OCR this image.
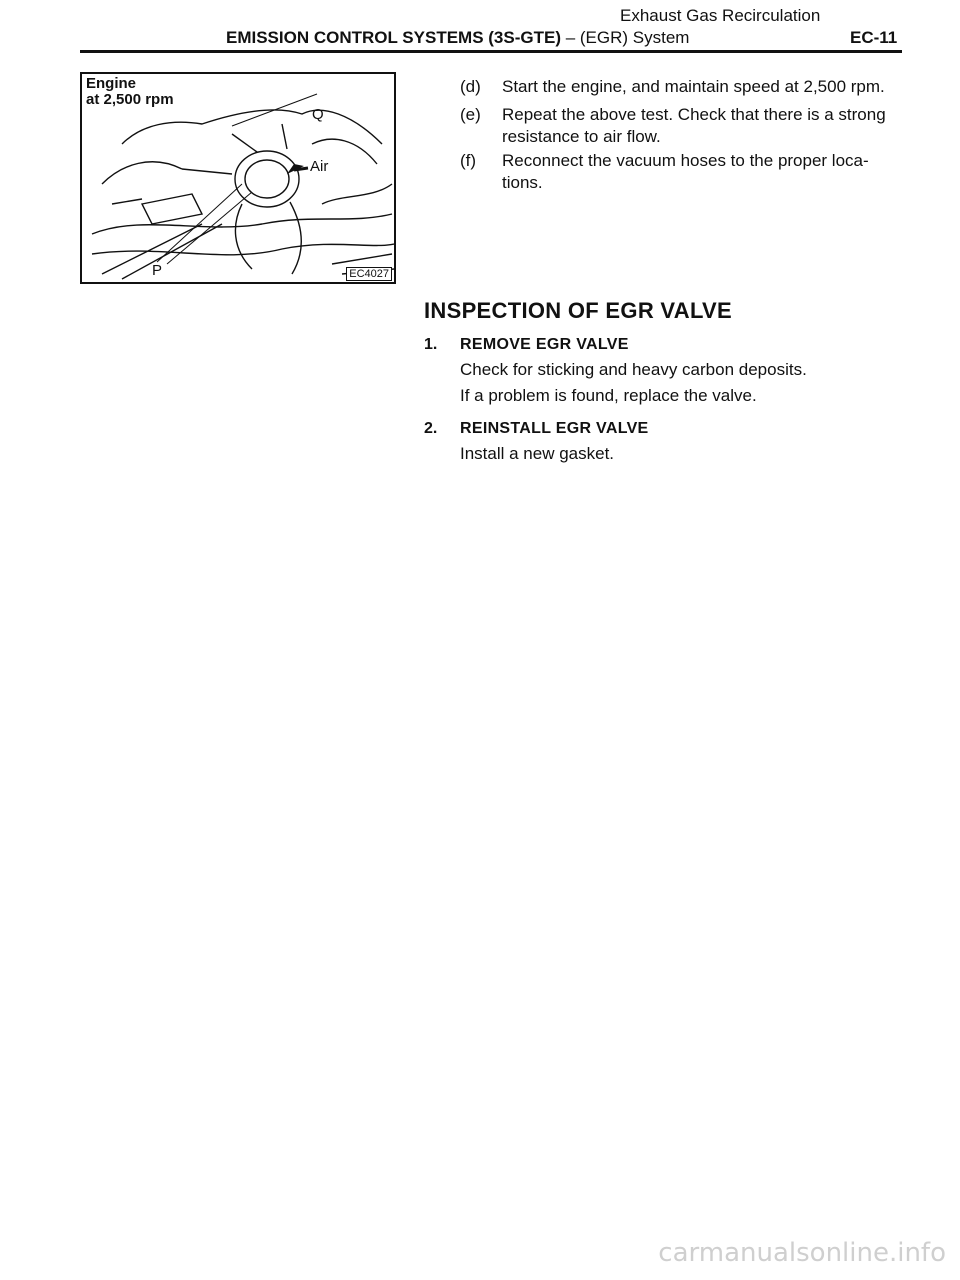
Exhaust Gas Recirculation
EMISSION CONTROL SYSTEMS (3S-GTE) – (EGR) System	EC-11
Engine
at 2,500 rpm
Q
Air
P	EC4027
(d) Start the engine, and maintain speed at 2,500 rpm.
(e) Repeat the above test. Check that there is a strong resistance to air flow.
(f) Reconnect the vacuum hoses to the proper loca-tions.
INSPECTION OF EGR VALVE
1. REMOVE EGR VALVE
Check for sticking and heavy carbon deposits.
If a problem is found, replace the valve.
2. REINSTALL EGR VALVE
Install a new gasket.
carmanualsonline.info
